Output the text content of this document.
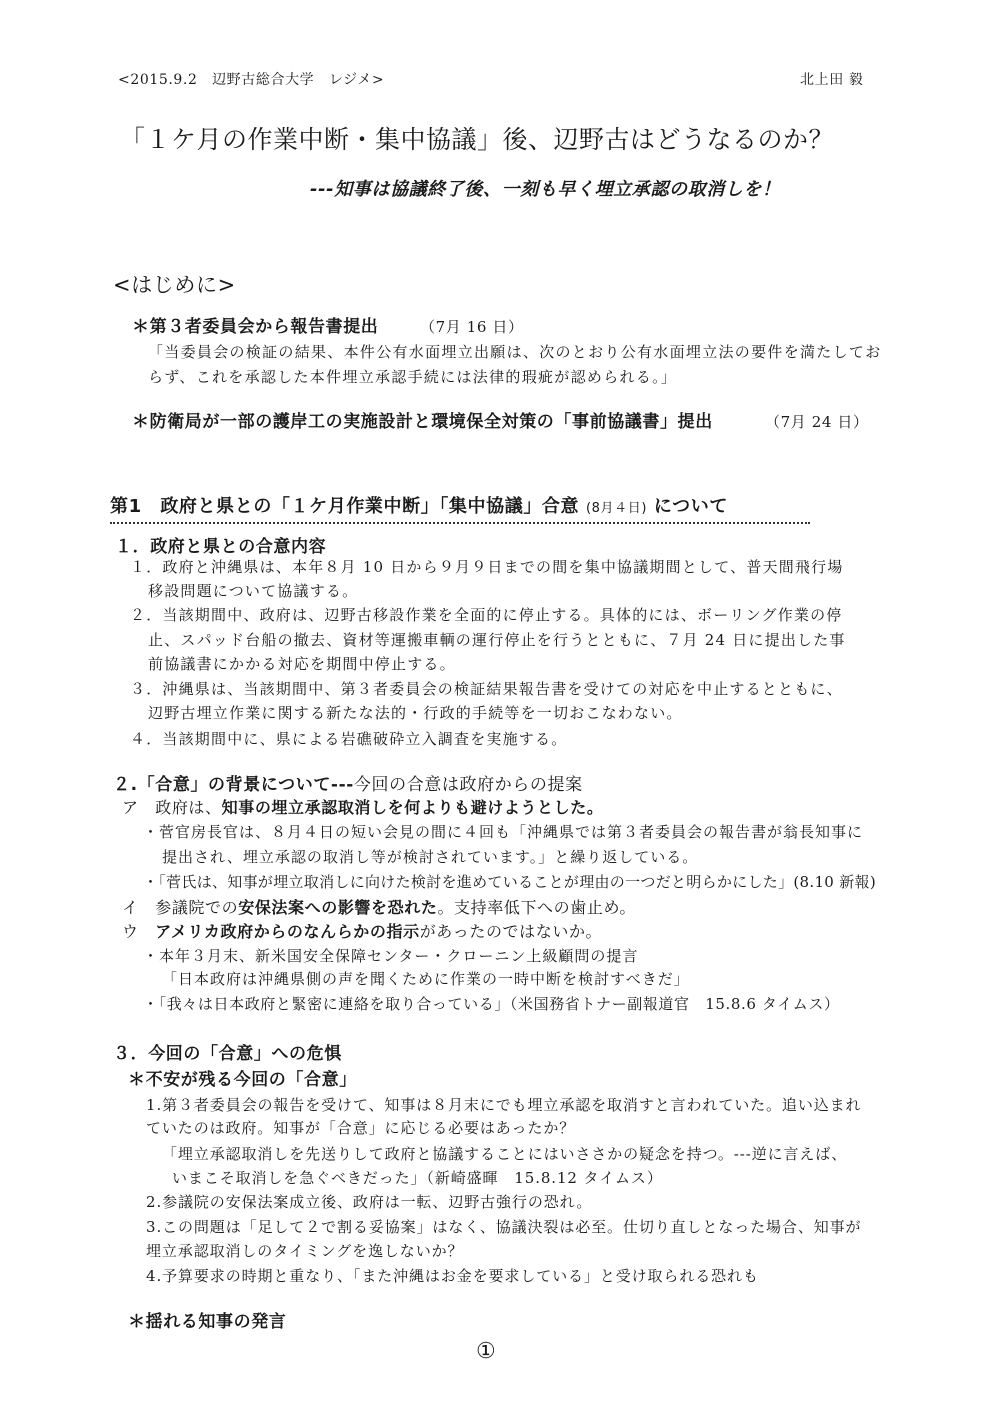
<2015.9.2　辺野古総合大学　レジメ>	北上田 毅
「１ケ月の作業中断・集中協議」後、辺野古はどうなるのか？
---知事は協議終了後、一刻も早く埋立承認の取消しを！
<はじめに>
＊第３者委員会から報告書提出	（7月 16 日）
「当委員会の検証の結果、本件公有水面埋立出願は、次のとおり公有水面埋立法の要件を満たしてお
らず、これを承認した本件埋立承認手続には法律的瑕疵が認められる。」
＊防衛局が一部の護岸工の実施設計と環境保全対策の「事前協議書」提出	（7月 24 日）
第1　政府と県との「１ケ月作業中断」「集中協議」合意 (8月４日) について
１．政府と県との合意内容
１．政府と沖縄県は、本年８月 10 日から９月９日までの間を集中協議期間として、普天間飛行場
移設問題について協議する。
２．当該期間中、政府は、辺野古移設作業を全面的に停止する。具体的には、ボーリング作業の停
止、スパッド台船の撤去、資材等運搬車輌の運行停止を行うとともに、７月 24 日に提出した事
前協議書にかかる対応を期間中停止する。
３．沖縄県は、当該期間中、第３者委員会の検証結果報告書を受けての対応を中止するとともに、
辺野古埋立作業に関する新たな法的・行政的手続等を一切おこなわない。
４．当該期間中に、県による岩礁破砕立入調査を実施する。
２.「合意」の背景について---今回の合意は政府からの提案
ア  政府は、知事の埋立承認取消しを何よりも避けようとした。
・菅官房長官は、８月４日の短い会見の間に４回も「沖縄県では第３者委員会の報告書が翁長知事に
提出され、埋立承認の取消し等が検討されています。」と繰り返している。
・「菅氏は、知事が埋立取消しに向けた検討を進めていることが理由の一つだと明らかにした」(8.10 新報)
イ  参議院での安保法案への影響を恐れた。支持率低下への歯止め。
ウ  アメリカ政府からのなんらかの指示があったのではないか。
・本年３月末、新米国安全保障センター・クローニン上級顧問の提言
「日本政府は沖縄県側の声を聞くために作業の一時中断を検討すべきだ」
・「我々は日本政府と緊密に連絡を取り合っている」（米国務省トナー副報道官　15.8.6 タイムス）
３．今回の「合意」への危惧
＊不安が残る今回の「合意」
1.第３者委員会の報告を受けて、知事は８月末にでも埋立承認を取消すと言われていた。追い込まれ
ていたのは政府。知事が「合意」に応じる必要はあったか？
「埋立承認取消しを先送りして政府と協議することにはいささかの疑念を持つ。---逆に言えば、
いまこそ取消しを急ぐべきだった」（新崎盛暉　15.8.12 タイムス）
2.参議院の安保法案成立後、政府は一転、辺野古強行の恐れ。
3.この問題は「足して２で割る妥協案」はなく、協議決裂は必至。仕切り直しとなった場合、知事が
埋立承認取消しのタイミングを逸しないか？
4.予算要求の時期と重なり、「また沖縄はお金を要求している」と受け取られる恐れも
＊揺れる知事の発言
①
